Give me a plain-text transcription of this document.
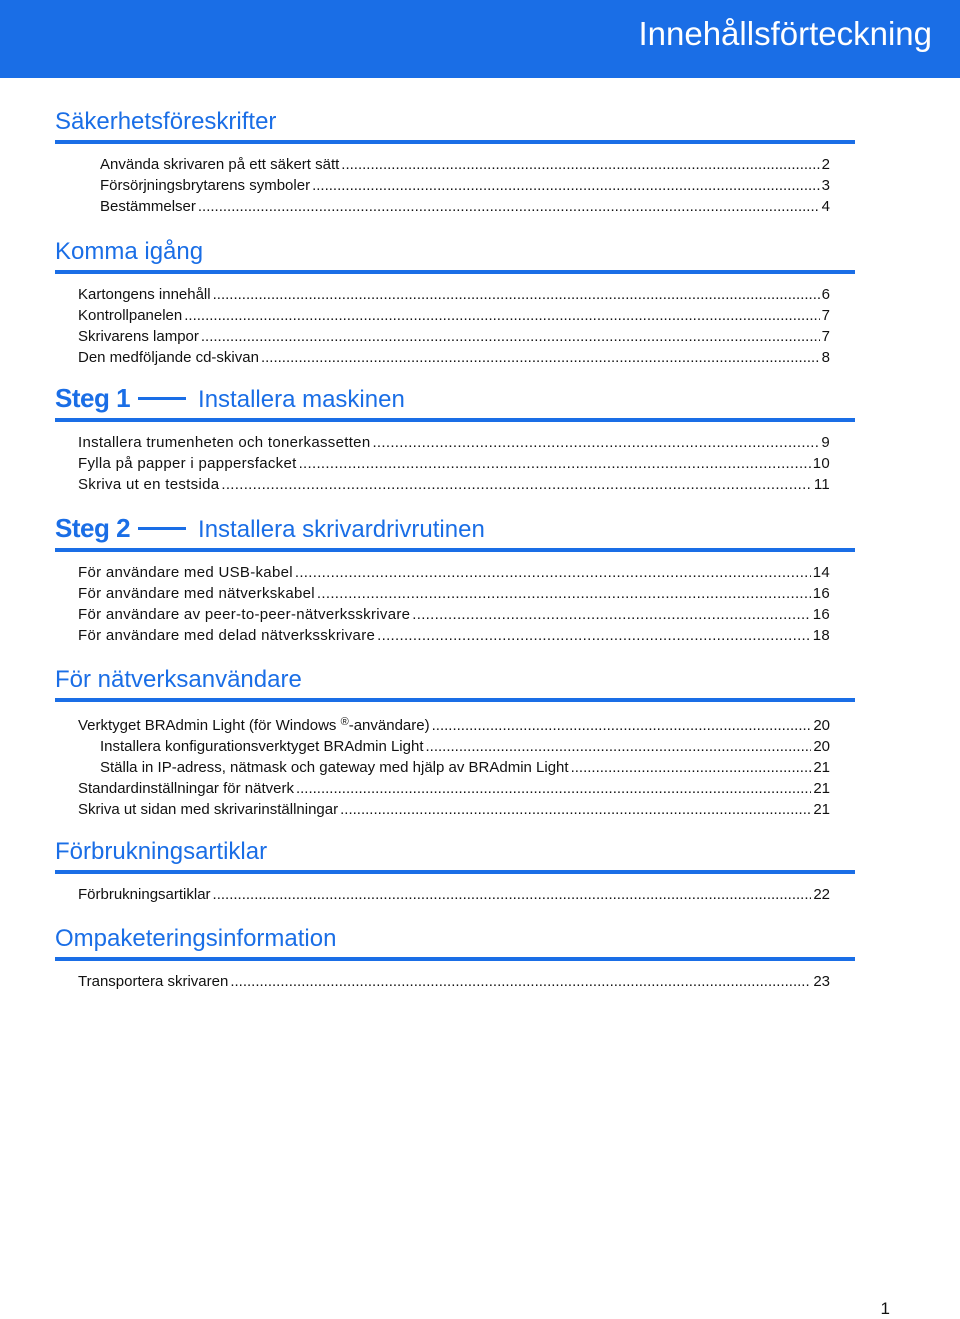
Innehållsförteckning
Säkerhetsföreskrifter
Använda skrivaren på ett säkert sätt .....	2
Försörjningsbrytarens symboler .....	3
Bestämmelser .....	4
Komma igång
Kartongens innehåll .....	6
Kontrollpanelen .....	7
Skrivarens lampor .....	7
Den medföljande cd-skivan .....	8
Steg 1	Installera maskinen
Installera trumenheten och tonerkassetten .....	9
Fylla på papper i pappersfacket .....	10
Skriva ut en testsida .....	11
Steg 2	Installera skrivardrivrutinen
För användare med USB-kabel .....	14
För användare med nätverkskabel .....	16
För användare av peer-to-peer-nätverksskrivare .....	16
För användare med delad nätverksskrivare .....	18
För nätverksanvändare
Verktyget BRAdmin Light (för Windows ®-användare) .....	20
Installera konfigurationsverktyget BRAdmin Light .....	20
Ställa in IP-adress, nätmask och gateway med hjälp av BRAdmin Light .....	21
Standardinställningar för nätverk .....	21
Skriva ut sidan med skrivarinställningar .....	21
Förbrukningsartiklar
Förbrukningsartiklar .....	22
Ompaketeringsinformation
Transportera skrivaren .....	23
1
